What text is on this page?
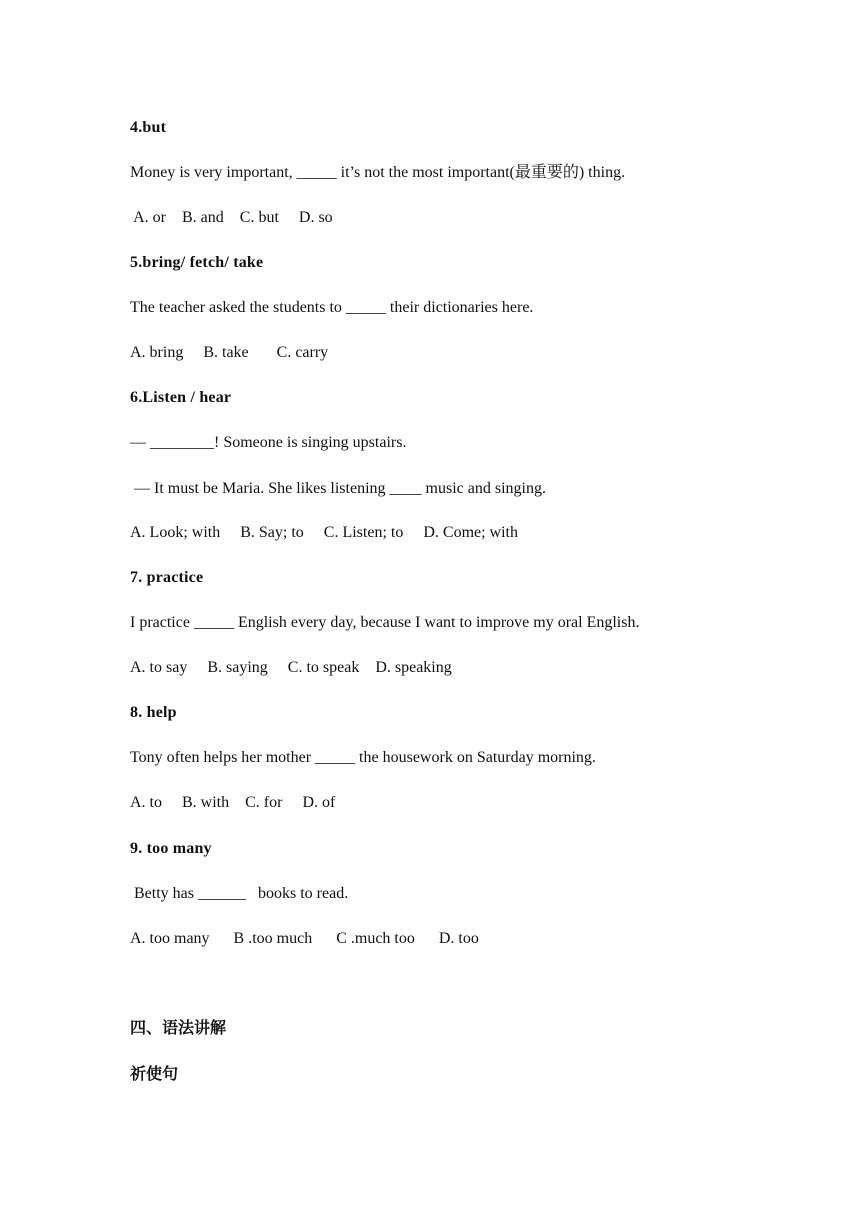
4.but
Money is very important, _____ it’s not the most important(最重要的) thing.
A. or    B. and    C. but     D. so
5.bring/ fetch/ take
The teacher asked the students to _____ their dictionaries here.
A. bring     B. take       C. carry
6.Listen / hear
— ________! Someone is singing upstairs.
— It must be Maria. She likes listening ____ music and singing.
A. Look; with     B. Say; to     C. Listen; to     D. Come; with
7. practice
I practice _____ English every day, because I want to improve my oral English.
A. to say     B. saying     C. to speak    D. speaking
8. help
Tony often helps her mother _____ the housework on Saturday morning.
A. to     B. with    C. for     D. of
9. too many
Betty has ______   books to read.
A. too many      B .too much      C .much too      D. too
四、语法讲解
祈使句
